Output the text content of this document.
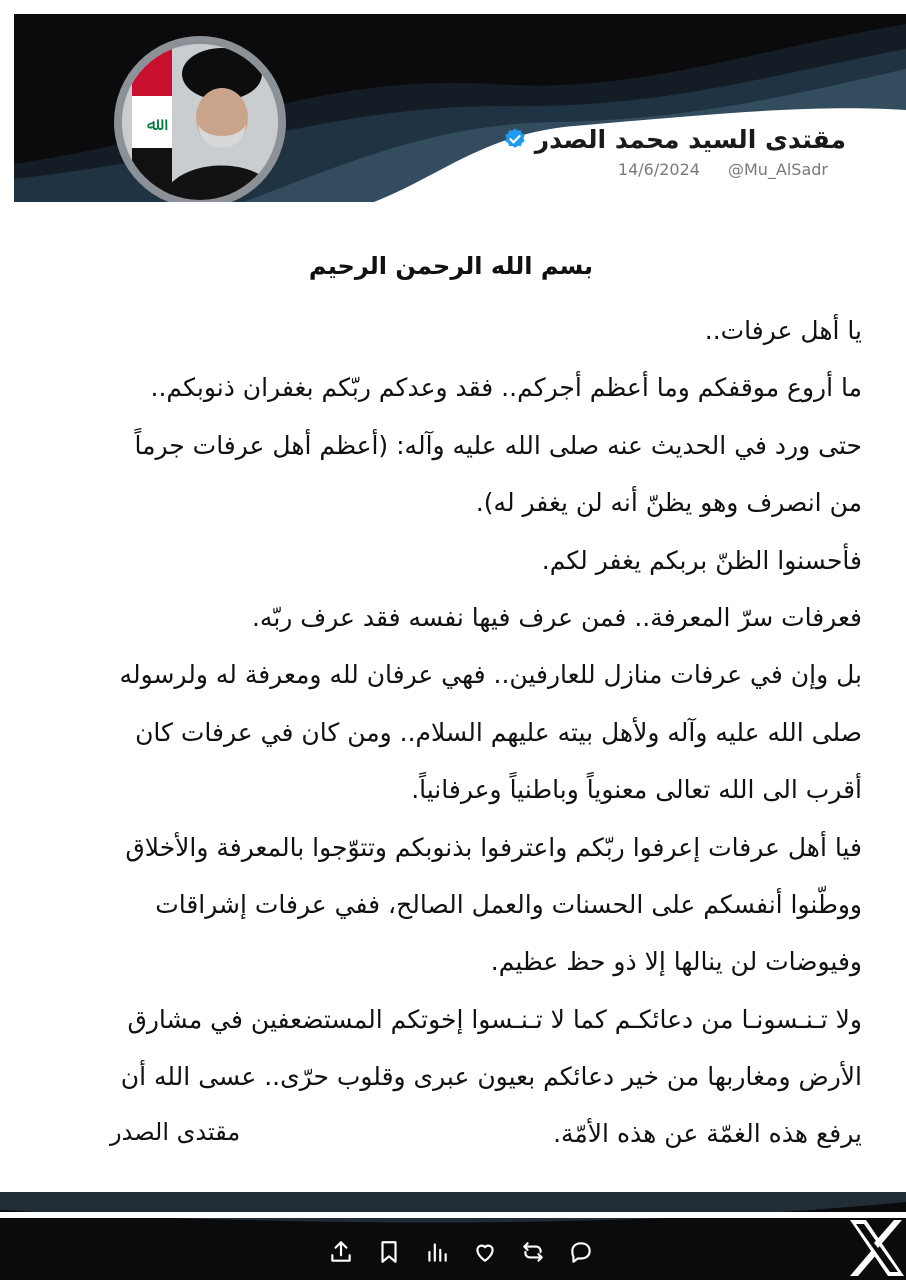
ﷲ	مقتدى السيد محمد الصدر
14/6/2024 @Mu_AlSadr
بسم الله الرحمن الرحيم
يا أهل عرفات..
ما أروع موقفكم وما أعظم أجركم.. فقد وعدكم ربّكم بغفران ذنوبكم..
حتى ورد في الحديث عنه صلى الله عليه وآله: (أعظم أهل عرفات جرماً
من انصرف وهو يظنّ أنه لن يغفر له).
فأحسنوا الظنّ بربكم يغفر لكم.
فعرفات سرّ المعرفة.. فمن عرف فيها نفسه فقد عرف ربّه.
بل وإن في عرفات منازل للعارفين.. فهي عرفان لله ومعرفة له ولرسوله
صلى الله عليه وآله ولأهل بيته عليهم السلام.. ومن كان في عرفات كان
أقرب الى الله تعالى معنوياً وباطنياً وعرفانياً.
فيا أهل عرفات إعرفوا ربّكم واعترفوا بذنوبكم وتتوّجوا بالمعرفة والأخلاق
ووطّنوا أنفسكم على الحسنات والعمل الصالح، ففي عرفات إشراقات
وفيوضات لن ينالها إلا ذو حظ عظيم.
ولا تـنـسونـا من دعائكـم كما لا تـنـسوا إخوتكم المستضعفين في مشارق
الأرض ومغاربها من خير دعائكم بعيون عبرى وقلوب حرّى.. عسى الله أن
يرفع هذه الغمّة عن هذه الأمّة.
مقتدى الصدر
